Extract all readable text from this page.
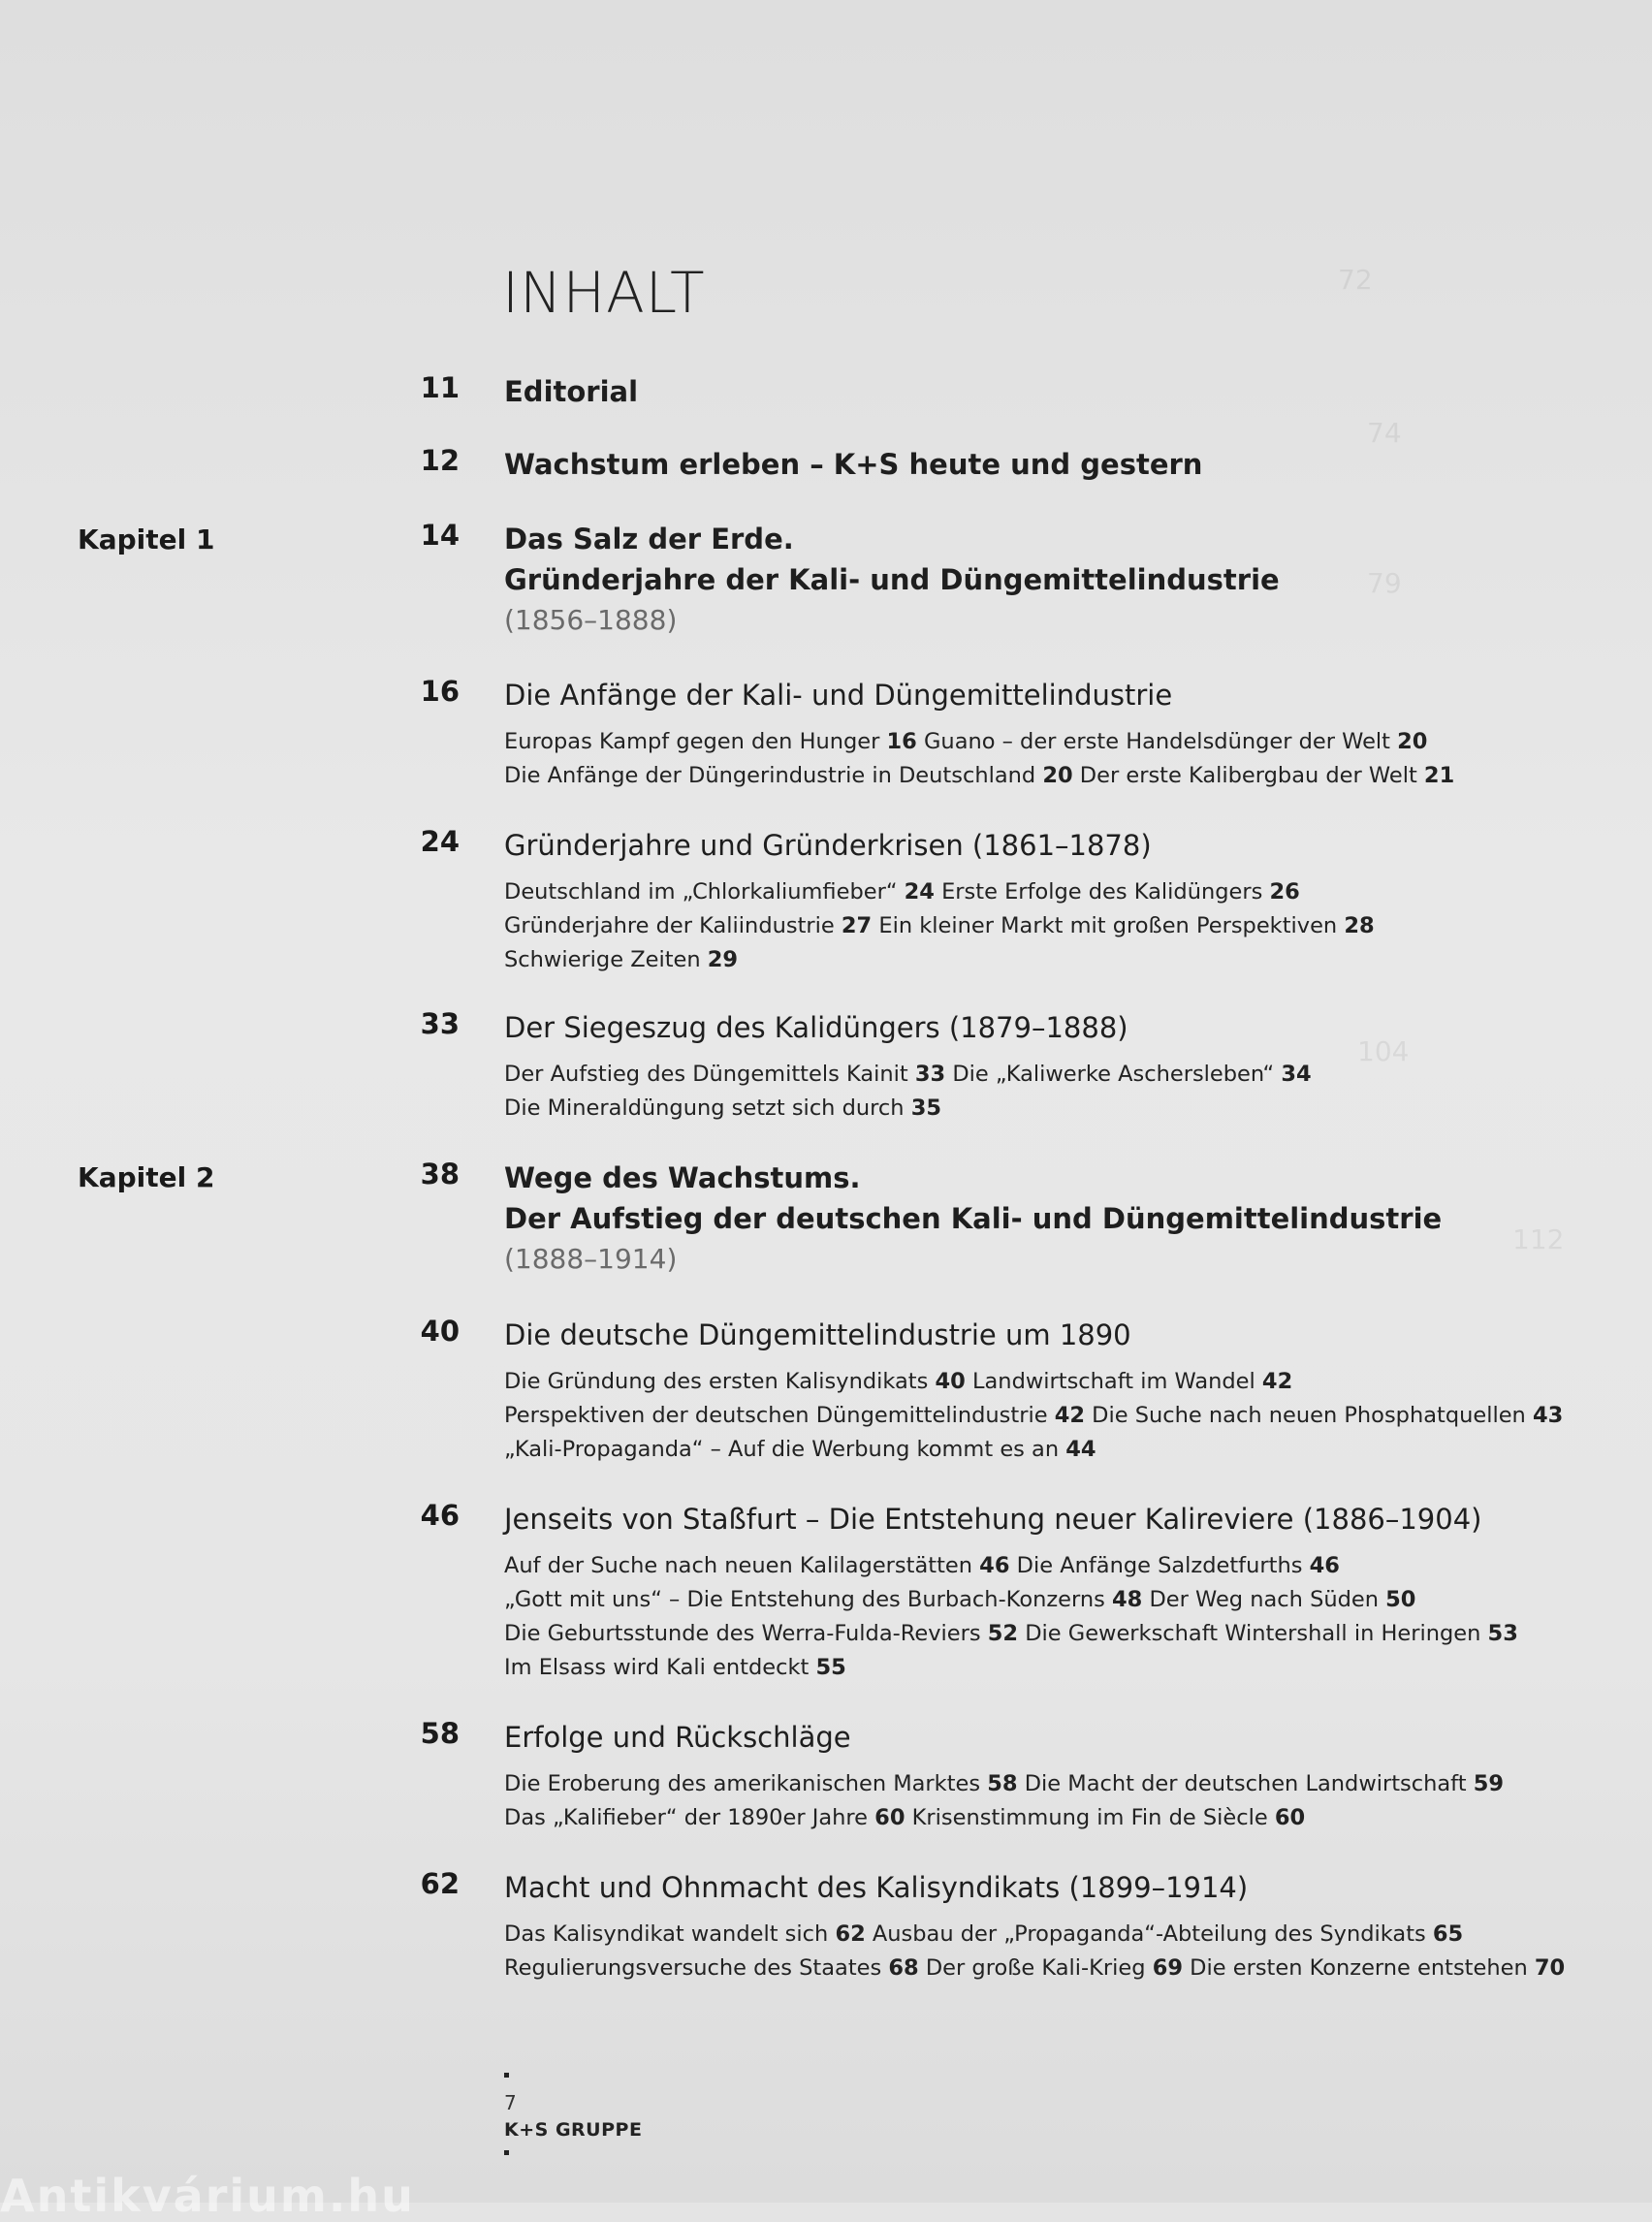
72
74
79
104
112
INHALT
Kapitel 1
Kapitel 2
11 Editorial
12 Wachstum erleben – K+S heute und gestern
14 Das Salz der Erde.
Gründerjahre der Kali- und Düngemittelindustrie
(1856–1888)
16 Die Anfänge der Kali- und Düngemittelindustrie
Europas Kampf gegen den Hunger 16 Guano – der erste Handelsdünger der Welt 20
Die Anfänge der Düngerindustrie in Deutschland 20 Der erste Kalibergbau der Welt 21
24 Gründerjahre und Gründerkrisen (1861–1878)
Deutschland im „Chlorkaliumfieber“ 24 Erste Erfolge des Kalidüngers 26
Gründerjahre der Kaliindustrie 27 Ein kleiner Markt mit großen Perspektiven 28
Schwierige Zeiten 29
33 Der Siegeszug des Kalidüngers (1879–1888)
Der Aufstieg des Düngemittels Kainit 33 Die „Kaliwerke Aschersleben“ 34
Die Mineraldüngung setzt sich durch 35
38 Wege des Wachstums.
Der Aufstieg der deutschen Kali- und Düngemittelindustrie
(1888–1914)
40 Die deutsche Düngemittelindustrie um 1890
Die Gründung des ersten Kalisyndikats 40 Landwirtschaft im Wandel 42
Perspektiven der deutschen Düngemittelindustrie 42 Die Suche nach neuen Phosphatquellen 43
„Kali-Propaganda“ – Auf die Werbung kommt es an 44
46 Jenseits von Staßfurt – Die Entstehung neuer Kalireviere (1886–1904)
Auf der Suche nach neuen Kalilagerstätten 46 Die Anfänge Salzdetfurths 46
„Gott mit uns“ – Die Entstehung des Burbach-Konzerns 48 Der Weg nach Süden 50
Die Geburtsstunde des Werra-Fulda-Reviers 52 Die Gewerkschaft Wintershall in Heringen 53
Im Elsass wird Kali entdeckt 55
58 Erfolge und Rückschläge
Die Eroberung des amerikanischen Marktes 58 Die Macht der deutschen Landwirtschaft 59
Das „Kalifieber“ der 1890er Jahre 60 Krisenstimmung im Fin de Siècle 60
62 Macht und Ohnmacht des Kalisyndikats (1899–1914)
Das Kalisyndikat wandelt sich 62 Ausbau der „Propaganda“-Abteilung des Syndikats 65
Regulierungsversuche des Staates 68 Der große Kali-Krieg 69 Die ersten Konzerne entstehen 70
7
K+S GRUPPE
Antikvárium.hu
